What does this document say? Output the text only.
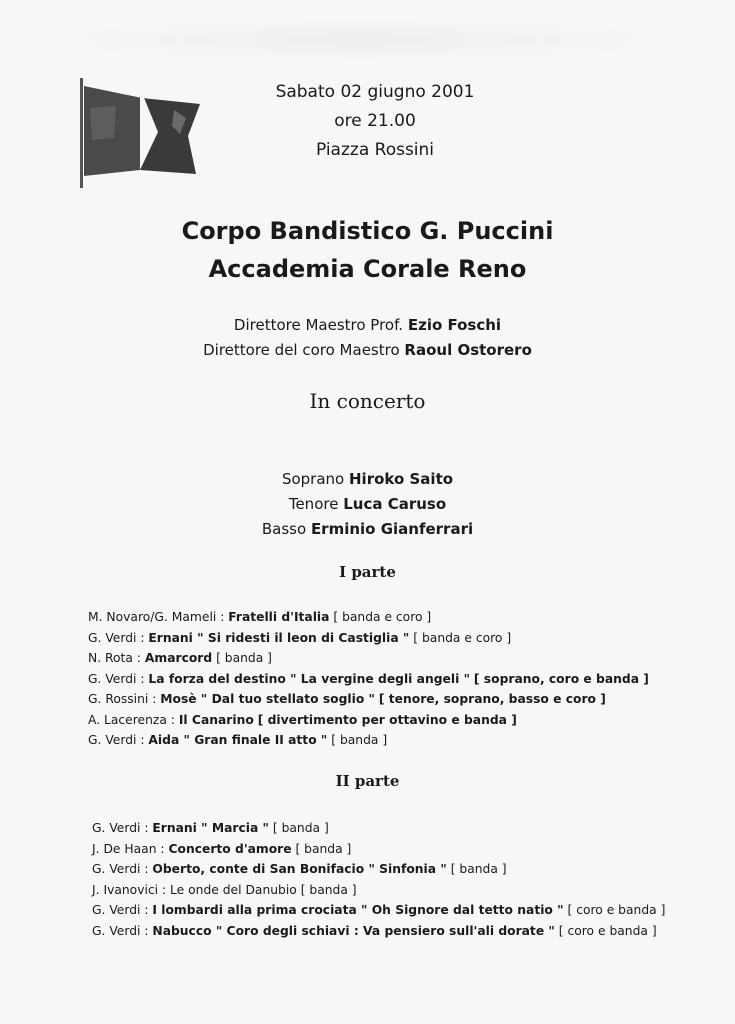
Sabato 02 giugno 2001
ore 21.00
Piazza Rossini
Corpo Bandistico G. Puccini
Accademia Corale Reno
Direttore Maestro Prof. Ezio Foschi
Direttore del coro Maestro Raoul Ostorero
In concerto
Soprano Hiroko Saito
Tenore Luca Caruso
Basso Erminio Gianferrari
I parte
M. Novaro/G. Mameli : Fratelli d'Italia [ banda e coro ]
G. Verdi : Ernani " Si ridesti il leon di Castiglia " [ banda e coro ]
N. Rota : Amarcord [ banda ]
G. Verdi : La forza del destino " La vergine degli angeli " [ soprano, coro e banda ]
G. Rossini : Mosè " Dal tuo stellato soglio " [ tenore, soprano, basso e coro ]
A. Lacerenza : Il Canarino [ divertimento per ottavino e banda ]
G. Verdi : Aida " Gran finale II atto " [ banda ]
II parte
G. Verdi : Ernani " Marcia " [ banda ]
J. De Haan : Concerto d'amore [ banda ]
G. Verdi : Oberto, conte di San Bonifacio " Sinfonia " [ banda ]
J. Ivanovici : Le onde del Danubio [ banda ]
G. Verdi : I lombardi alla prima crociata " Oh Signore dal tetto natio " [ coro e banda ]
G. Verdi : Nabucco " Coro degli schiavi : Va pensiero sull'ali dorate " [ coro e banda ]
